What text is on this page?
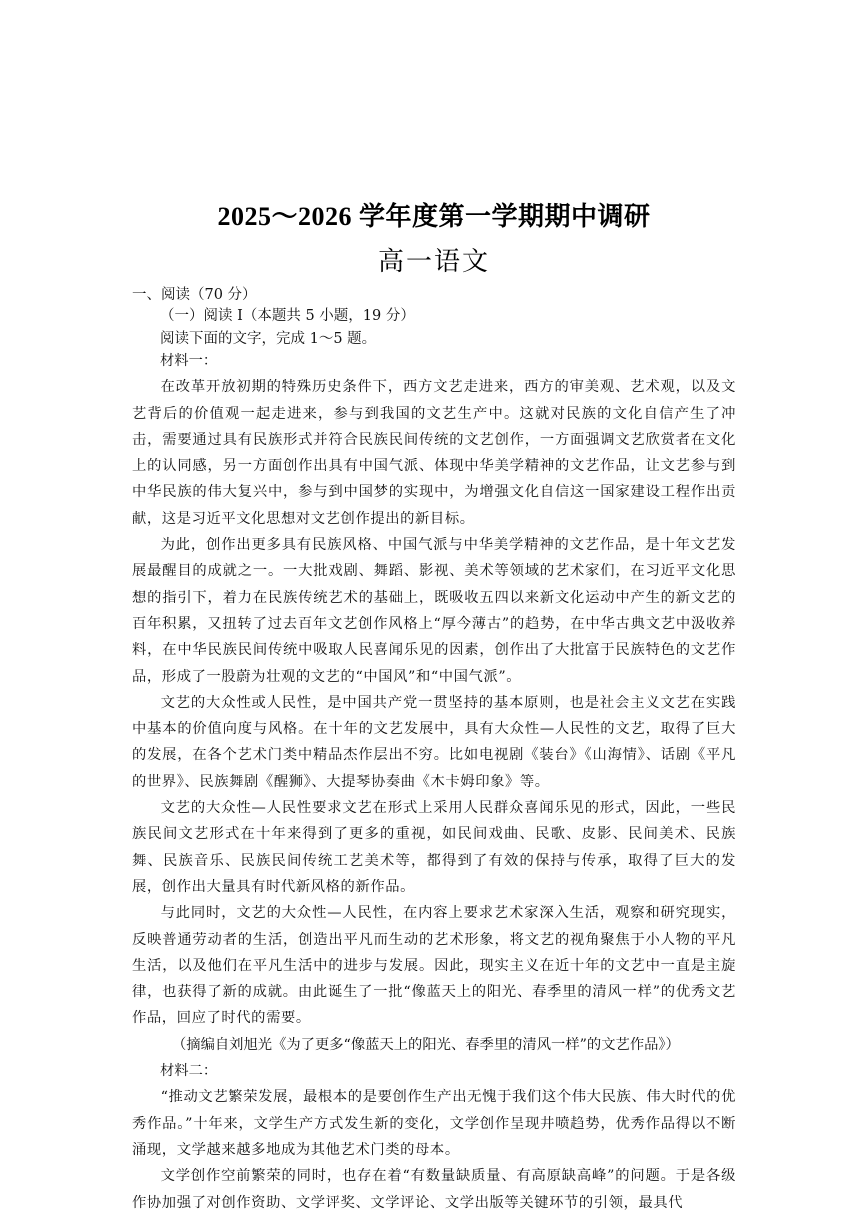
2025～2026 学年度第一学期期中调研
高一语文
一、阅读（70 分）
（一）阅读 I（本题共 5 小题，19 分）
阅读下面的文字，完成 1～5 题。

材料一：

在改革开放初期的特殊历史条件下，西方文艺走进来，西方的审美观、艺术观，以及文艺背后的价值观一起走进来，参与到我国的文艺生产中。这就对民族的文化自信产生了冲击，需要通过具有民族形式并符合民族民间传统的文艺创作，一方面强调文艺欣赏者在文化上的认同感，另一方面创作出具有中国气派、体现中华美学精神的文艺作品，让文艺参与到中华民族的伟大复兴中，参与到中国梦的实现中，为增强文化自信这一国家建设工程作出贡献，这是习近平文化思想对文艺创作提出的新目标。

为此，创作出更多具有民族风格、中国气派与中华美学精神的文艺作品，是十年文艺发展最醒目的成就之一。一大批戏剧、舞蹈、影视、美术等领域的艺术家们，在习近平文化思想的指引下，着力在民族传统艺术的基础上，既吸收五四以来新文化运动中产生的新文艺的百年积累，又扭转了过去百年文艺创作风格上“厚今薄古”的趋势，在中华古典文艺中汲收养料，在中华民族民间传统中吸取人民喜闻乐见的因素，创作出了大批富于民族特色的文艺作品，形成了一股蔚为壮观的文艺的“中国风”和“中国气派”。

文艺的大众性或人民性，是中国共产党一贯坚持的基本原则，也是社会主义文艺在实践中基本的价值向度与风格。在十年的文艺发展中，具有大众性—人民性的文艺，取得了巨大的发展，在各个艺术门类中精品杰作层出不穷。比如电视剧《装台》《山海情》、话剧《平凡的世界》、民族舞剧《醒狮》、大提琴协奏曲《木卡姆印象》等。

文艺的大众性—人民性要求文艺在形式上采用人民群众喜闻乐见的形式，因此，一些民族民间文艺形式在十年来得到了更多的重视，如民间戏曲、民歌、皮影、民间美术、民族舞、民族音乐、民族民间传统工艺美术等，都得到了有效的保持与传承，取得了巨大的发展，创作出大量具有时代新风格的新作品。

与此同时，文艺的大众性—人民性，在内容上要求艺术家深入生活，观察和研究现实，反映普通劳动者的生活，创造出平凡而生动的艺术形象，将文艺的视角聚焦于小人物的平凡生活，以及他们在平凡生活中的进步与发展。因此，现实主义在近十年的文艺中一直是主旋律，也获得了新的成就。由此诞生了一批“像蓝天上的阳光、春季里的清风一样”的优秀文艺作品，回应了时代的需要。

（摘编自刘旭光《为了更多“像蓝天上的阳光、春季里的清风一样”的文艺作品》）

材料二：

“推动文艺繁荣发展，最根本的是要创作生产出无愧于我们这个伟大民族、伟大时代的优秀作品。”十年来，文学生产方式发生新的变化，文学创作呈现井喷趋势，优秀作品得以不断涌现，文学越来越多地成为其他艺术门类的母本。

文学创作空前繁荣的同时，也存在着“有数量缺质量、有高原缺高峰”的问题。于是各级作协加强了对创作资助、文学评奖、文学评论、文学出版等关键环节的引领，最具代
